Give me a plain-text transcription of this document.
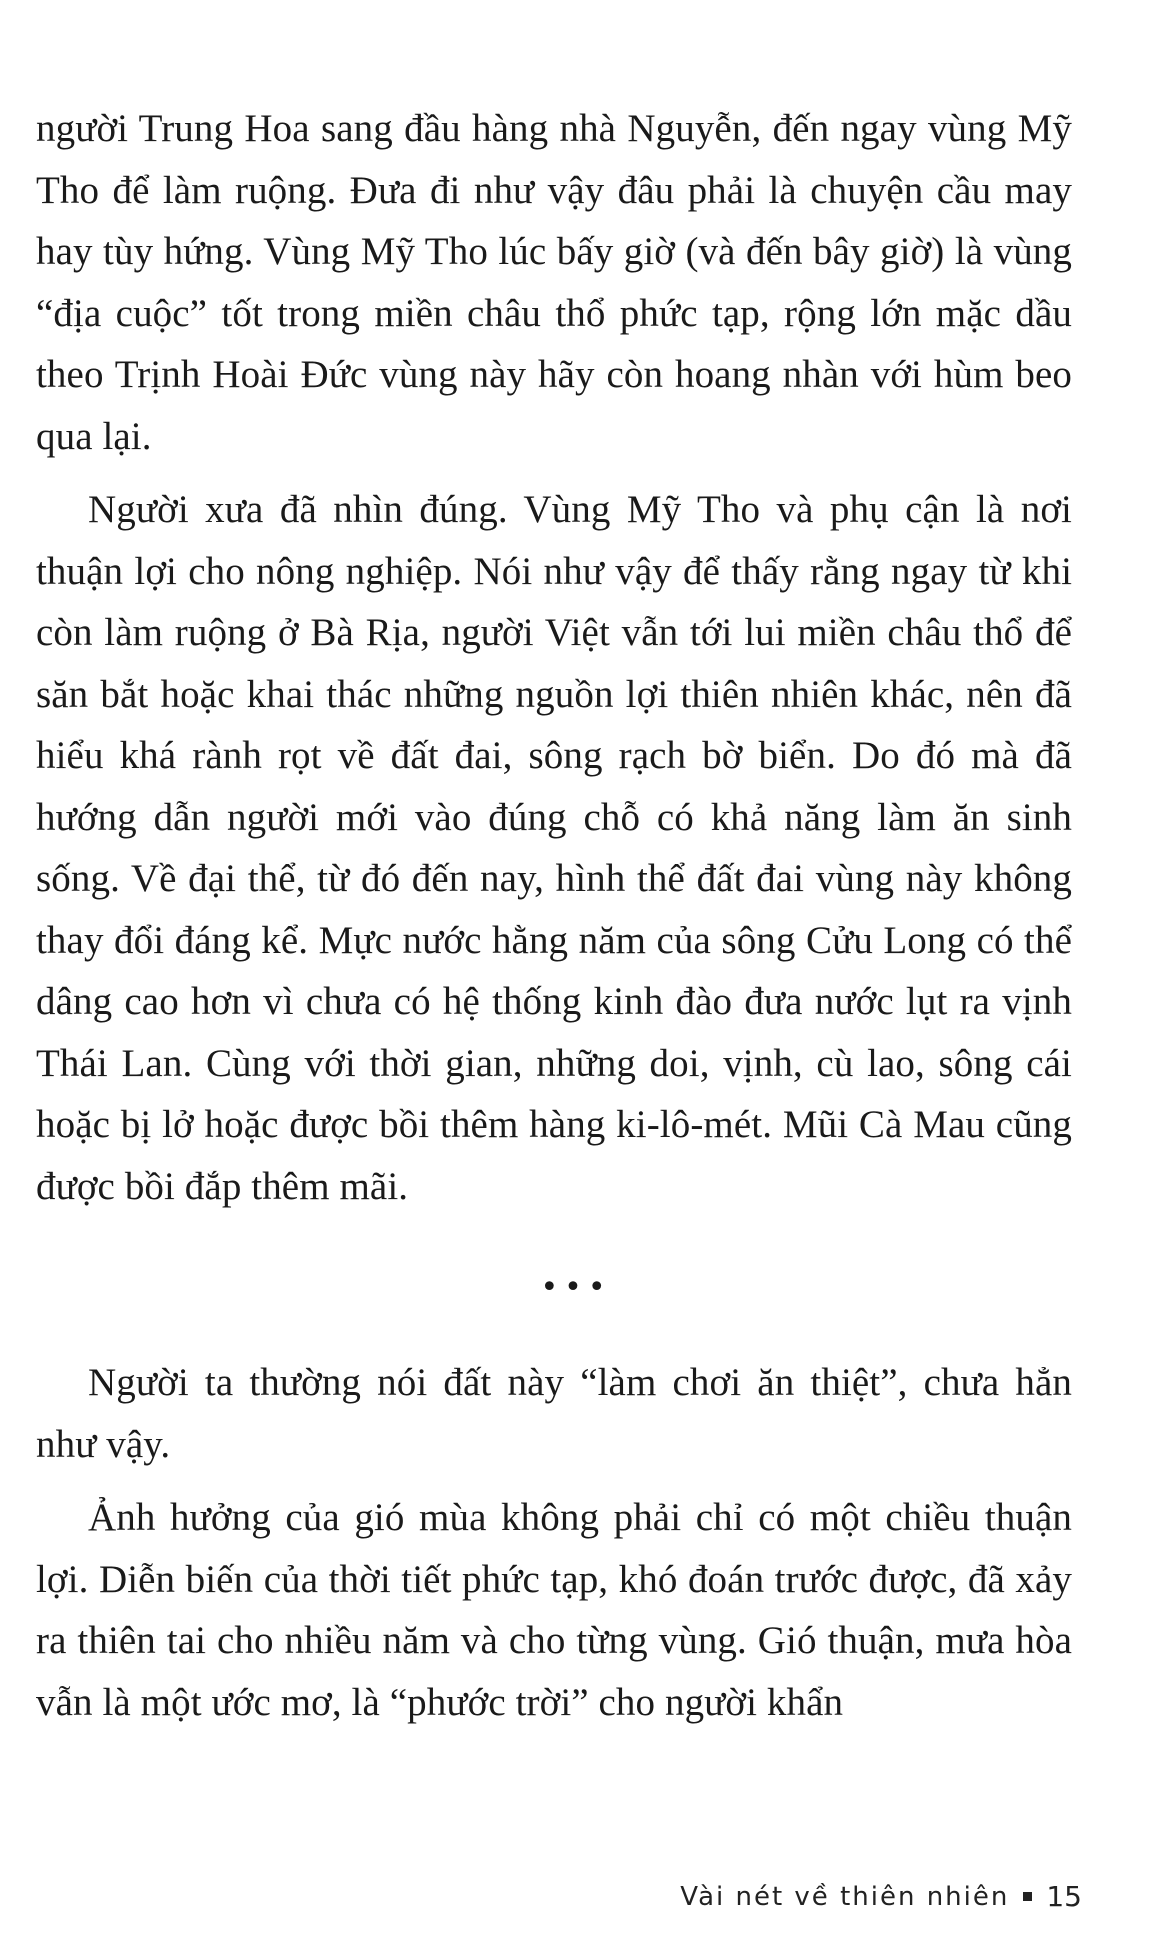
người Trung Hoa sang đầu hàng nhà Nguyễn, đến ngay vùng Mỹ Tho để làm ruộng. Đưa đi như vậy đâu phải là chuyện cầu may hay tùy hứng. Vùng Mỹ Tho lúc bấy giờ (và đến bây giờ) là vùng “địa cuộc” tốt trong miền châu thổ phức tạp, rộng lớn mặc dầu theo Trịnh Hoài Đức vùng này hãy còn hoang nhàn với hùm beo qua lại.

Người xưa đã nhìn đúng. Vùng Mỹ Tho và phụ cận là nơi thuận lợi cho nông nghiệp. Nói như vậy để thấy rằng ngay từ khi còn làm ruộng ở Bà Rịa, người Việt vẫn tới lui miền châu thổ để săn bắt hoặc khai thác những nguồn lợi thiên nhiên khác, nên đã hiểu khá rành rọt về đất đai, sông rạch bờ biển. Do đó mà đã hướng dẫn người mới vào đúng chỗ có khả năng làm ăn sinh sống. Về đại thể, từ đó đến nay, hình thể đất đai vùng này không thay đổi đáng kể. Mực nước hằng năm của sông Cửu Long có thể dâng cao hơn vì chưa có hệ thống kinh đào đưa nước lụt ra vịnh Thái Lan. Cùng với thời gian, những doi, vịnh, cù lao, sông cái hoặc bị lở hoặc được bồi thêm hàng ki-lô-mét. Mũi Cà Mau cũng được bồi đắp thêm mãi.

•••

Người ta thường nói đất này “làm chơi ăn thiệt”, chưa hẳn như vậy.

Ảnh hưởng của gió mùa không phải chỉ có một chiều thuận lợi. Diễn biến của thời tiết phức tạp, khó đoán trước được, đã xảy ra thiên tai cho nhiều năm và cho từng vùng. Gió thuận, mưa hòa vẫn là một ước mơ, là “phước trời” cho người khẩn

Vài nét về thiên nhiên 15
